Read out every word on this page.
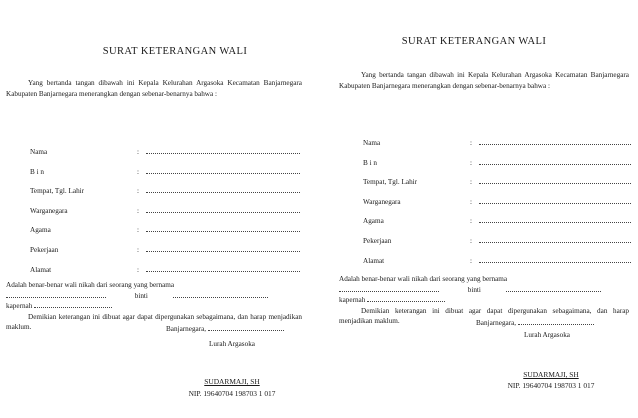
SURAT KETERANGAN WALI
Yang bertanda tangan dibawah ini Kepala Kelurahan Argasoka Kecamatan Banjarnegara Kabupaten Banjarnegara menerangkan dengan sebenar-benarnya bahwa :
Nama	:
B i n	:
Tempat, Tgl. Lahir	:
Warganegara	:
Agama	:
Pekerjaan	:
Alamat	:
Adalah benar-benar wali nikah dari seorang yang bernama
binti
kapernah
Demikian keterangan ini dibuat agar dapat dipergunakan sebagaimana, dan harap menjadikan maklum.	Banjarnegara,
Lurah Argasoka
SUDARMAJI, SH
NIP. 19640704 198703 1 017
SURAT KETERANGAN WALI
Yang bertanda tangan dibawah ini Kepala Kelurahan Argasoka Kecamatan Banjarnegara Kabupaten Banjarnegara menerangkan dengan sebenar-benarnya bahwa :
Nama	:
B i n	:
Tempat, Tgl. Lahir	:
Warganegara	:
Agama	:
Pekerjaan	:
Alamat	:
Adalah benar-benar wali nikah dari seorang yang bernama
binti
kapernah
Demikian keterangan ini dibuat agar dapat dipergunakan sebagaimana, dan harap menjadikan maklum.	Banjarnegara,
Lurah Argasoka
SUDARMAJI, SH
NIP. 19640704 198703 1 017
